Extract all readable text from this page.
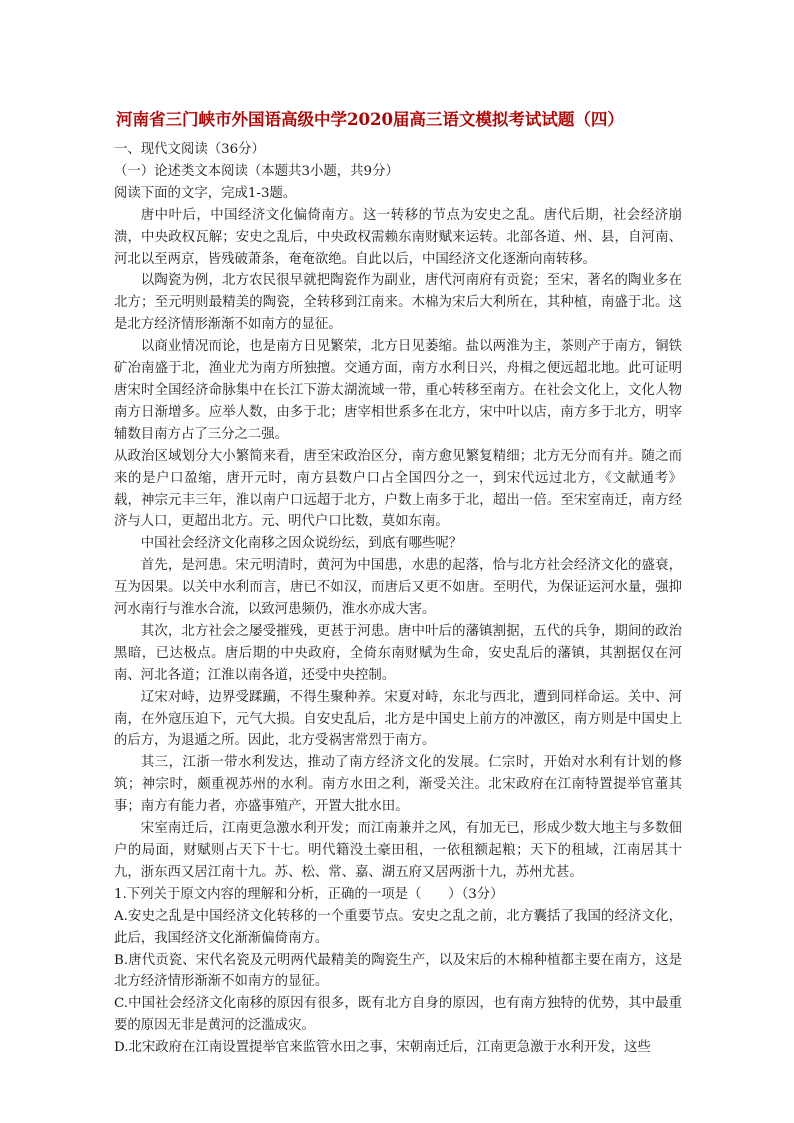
河南省三门峡市外国语高级中学2020届高三语文模拟考试试题（四）

一、现代文阅读（36分）

（一）论述类文本阅读（本题共3小题，共9分）

阅读下面的文字，完成1-3题。

唐中叶后，中国经济文化偏倚南方。这一转移的节点为安史之乱。唐代后期，社会经济崩溃，中央政权瓦解；安史之乱后，中央政权需赖东南财赋来运转。北部各道、州、县，自河南、河北以至两京，皆残破萧条，奄奄欲绝。自此以后，中国经济文化逐渐向南转移。

以陶瓷为例，北方农民很早就把陶瓷作为副业，唐代河南府有贡瓷；至宋，著名的陶业多在北方；至元明则最精美的陶瓷，全转移到江南来。木棉为宋后大利所在，其种植，南盛于北。这是北方经济情形渐渐不如南方的显征。

以商业情况而论，也是南方日见繁荣，北方日见萎缩。盐以两淮为主，茶则产于南方，铜铁矿冶南盛于北，渔业尤为南方所独擅。交通方面，南方水利日兴，舟楫之便远超北地。此可证明唐宋时全国经济命脉集中在长江下游太湖流域一带，重心转移至南方。在社会文化上，文化人物南方日渐增多。应举人数，由多于北；唐宰相世系多在北方，宋中叶以店，南方多于北方，明宰辅数目南方占了三分之二强。

从政治区域划分大小繁简来看，唐至宋政治区分，南方愈见繁复精细；北方无分而有并。随之而来的是户口盈缩，唐开元时，南方县数户口占全国四分之一，到宋代远过北方，《文献通考》载，神宗元丰三年，淮以南户口远超于北方，户数上南多于北，超出一倍。至宋室南迁，南方经济与人口，更超出北方。元、明代户口比数，莫如东南。

中国社会经济文化南移之因众说纷纭，到底有哪些呢？

首先，是河患。宋元明清时，黄河为中国患，水患的起落，恰与北方社会经济文化的盛衰，互为因果。以关中水利而言，唐已不如汉，而唐后又更不如唐。至明代，为保证运河水量，强抑河水南行与淮水合流，以致河患频仍，淮水亦成大害。

其次，北方社会之屡受摧残，更甚于河患。唐中叶后的藩镇割据，五代的兵争，期间的政治黑暗，已达极点。唐后期的中央政府，全倚东南财赋为生命，安史乱后的藩镇，其割据仅在河南、河北各道；江淮以南各道，还受中央控制。

辽宋对峙，边界受蹂躏，不得生聚种养。宋夏对峙，东北与西北，遭到同样命运。关中、河南，在外寇压迫下，元气大损。自安史乱后，北方是中国史上前方的冲激区，南方则是中国史上的后方，为退遁之所。因此，北方受祸害常烈于南方。

其三，江浙一带水利发达，推动了南方经济文化的发展。仁宗时，开始对水利有计划的修筑；神宗时，颇重视苏州的水利。南方水田之利，渐受关注。北宋政府在江南特置提举官董其事；南方有能力者，亦盛事殖产，开置大批水田。

宋室南迁后，江南更急激水利开发；而江南兼并之风，有加无已，形成少数大地主与多数佃户的局面，财赋则占天下十七。明代籍没土豪田租，一依租额起粮；天下的租域，江南居其十九，浙东西又居江南十九。苏、松、常、嘉、湖五府又居两浙十九，苏州尤甚。

1.下列关于原文内容的理解和分析，正确的一项是（　　）（3分）

A.安史之乱是中国经济文化转移的一个重要节点。安史之乱之前，北方囊括了我国的经济文化，此后，我国经济文化渐渐偏倚南方。

B.唐代贡瓷、宋代名瓷及元明两代最精美的陶瓷生产，以及宋后的木棉种植都主要在南方，这是北方经济情形渐渐不如南方的显征。

C.中国社会经济文化南移的原因有很多，既有北方自身的原因，也有南方独特的优势，其中最重要的原因无非是黄河的泛滥成灾。

D.北宋政府在江南设置提举官来监管水田之事，宋朝南迁后，江南更急激于水利开发，这些
